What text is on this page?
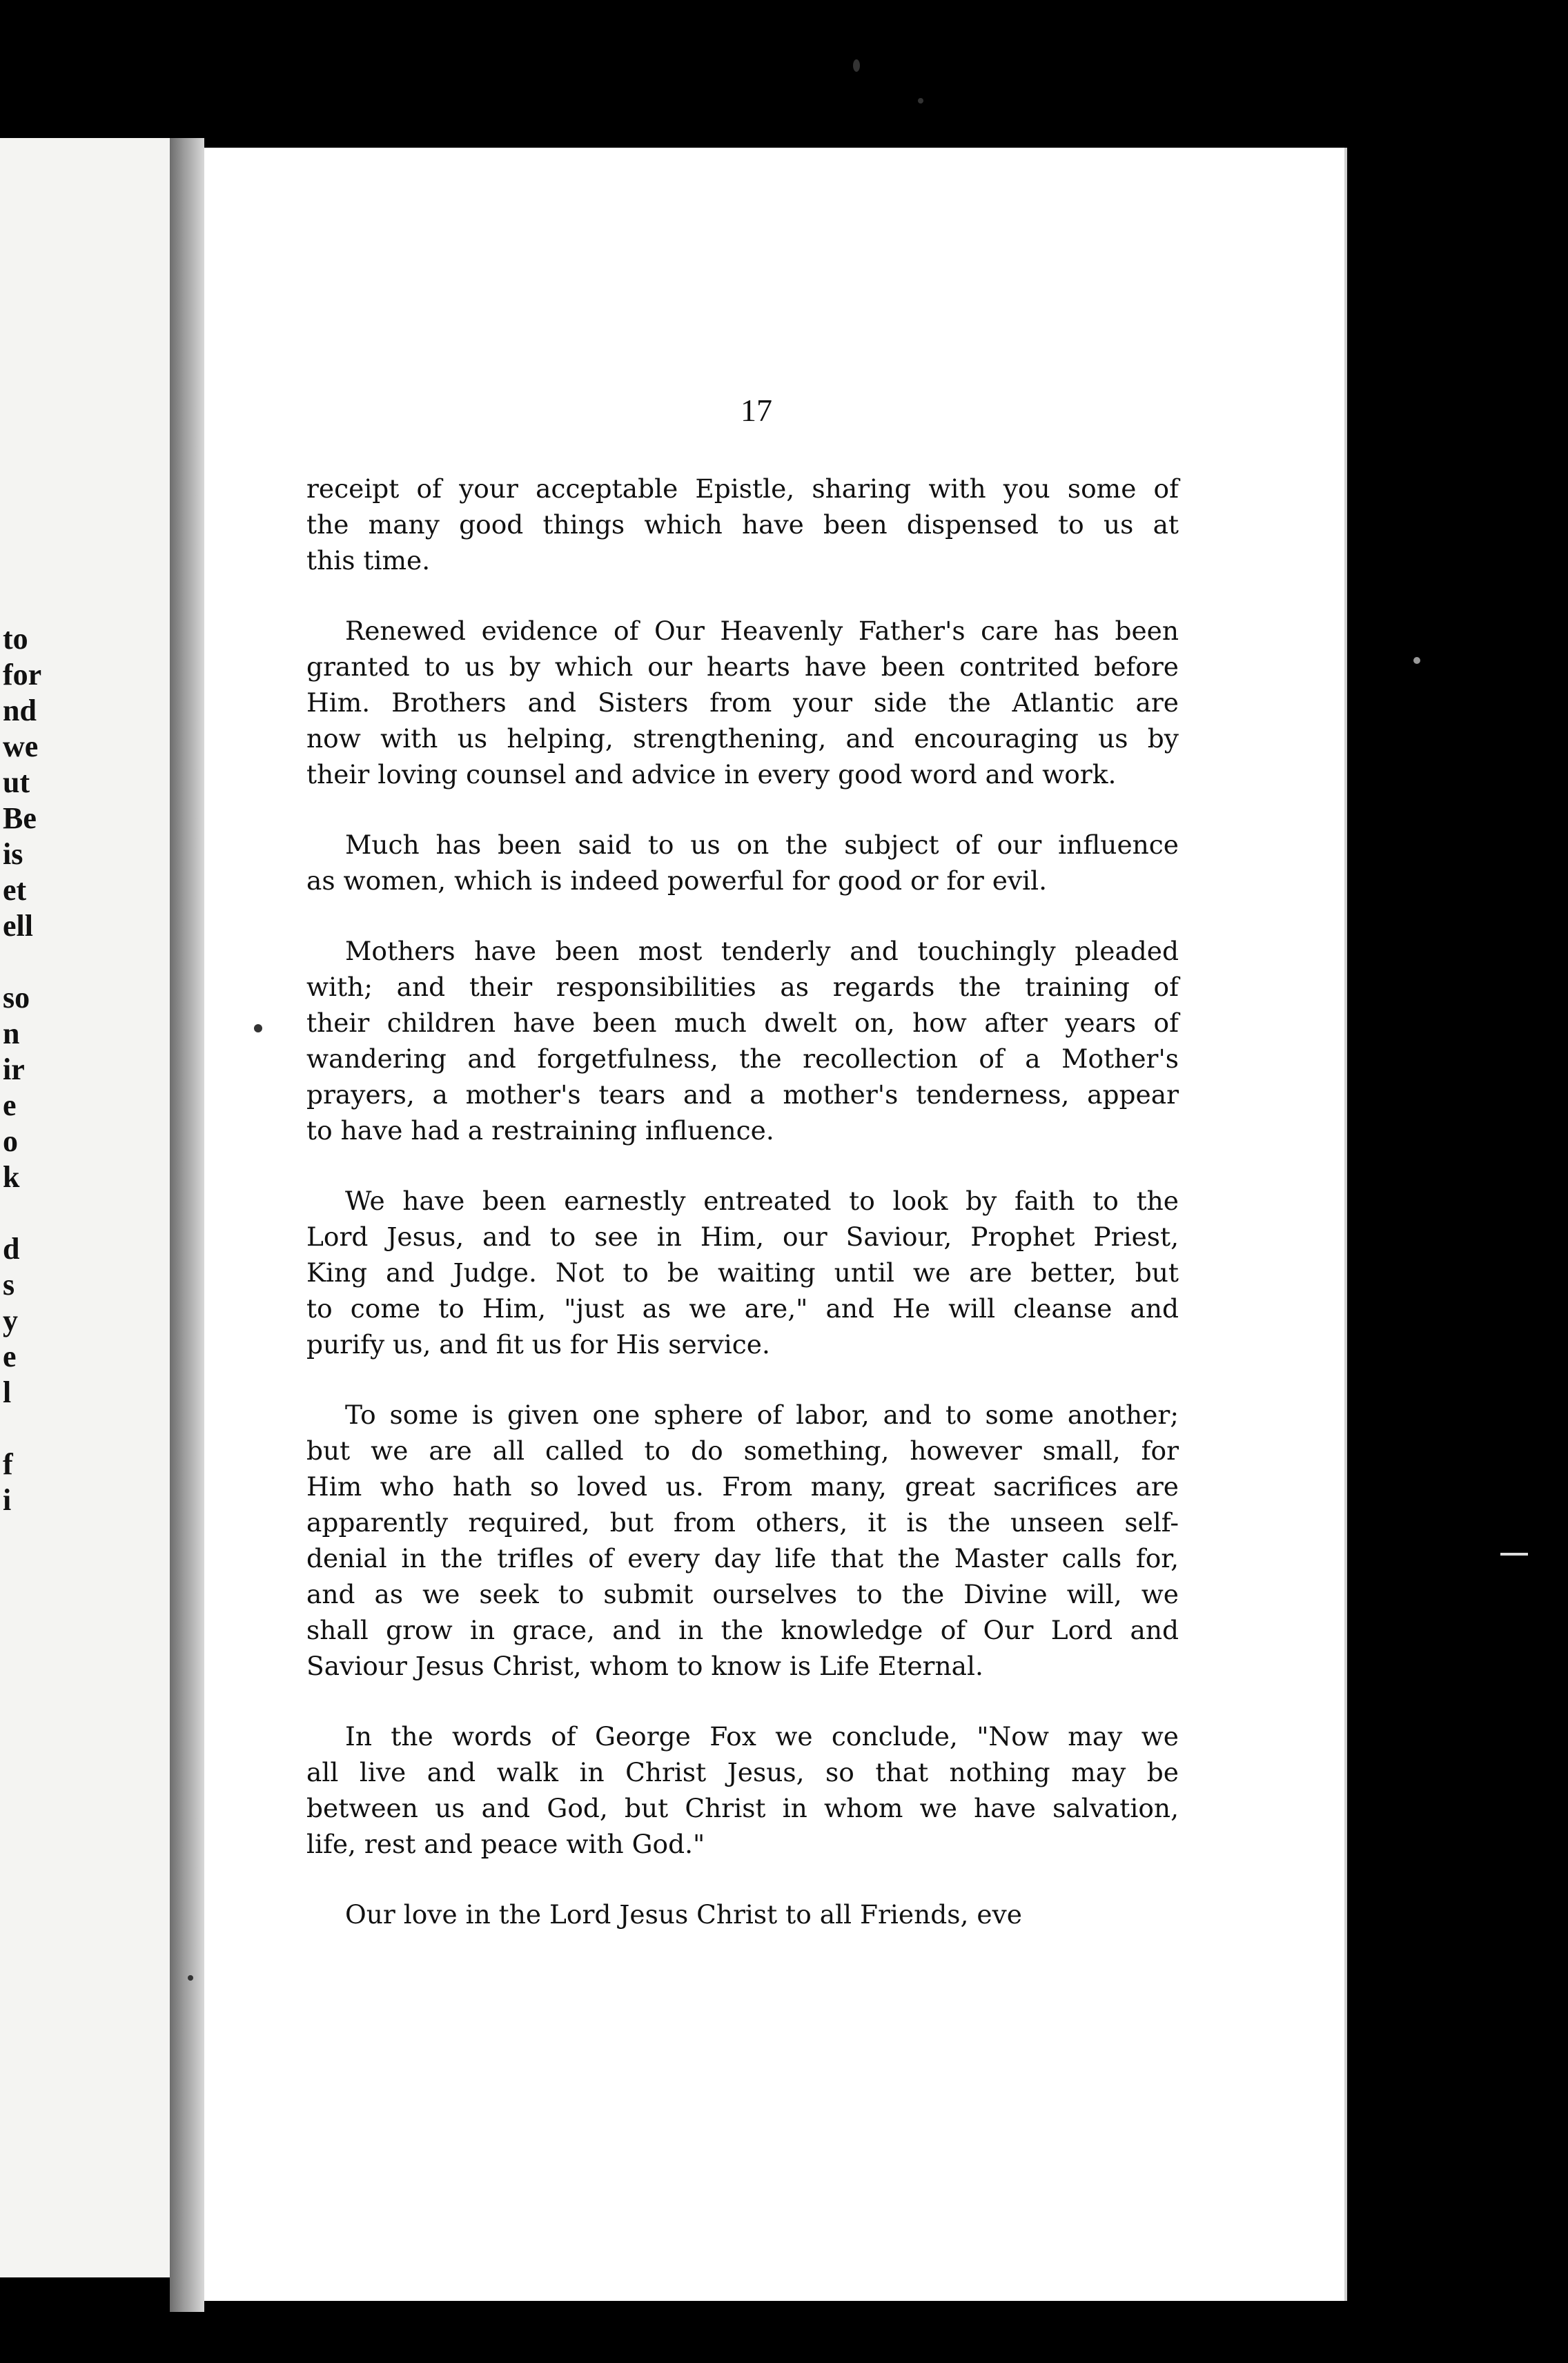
to
for
nd
we
ut
Be
is
et
ell
so
n
ir
e
o
k
d
s
y
e
l
f
i
17
receipt of your acceptable Epistle, sharing with you some of
the many good things which have been dispensed to us at
this time.
Renewed evidence of Our Heavenly Father's care has been
granted to us by which our hearts have been contrited before
Him. Brothers and Sisters from your side the Atlantic are
now with us helping, strengthening, and encouraging us by
their loving counsel and advice in every good word and work.
Much has been said to us on the subject of our influence
as women, which is indeed powerful for good or for evil.
Mothers have been most tenderly and touchingly pleaded
with; and their responsibilities as regards the training of
their children have been much dwelt on, how after years of
wandering and forgetfulness, the recollection of a Mother's
prayers, a mother's tears and a mother's tenderness, appear
to have had a restraining influence.
We have been earnestly entreated to look by faith to the
Lord Jesus, and to see in Him, our Saviour, Prophet Priest,
King and Judge. Not to be waiting until we are better, but
to come to Him, "just as we are," and He will cleanse and
purify us, and fit us for His service.
To some is given one sphere of labor, and to some another;
but we are all called to do something, however small, for
Him who hath so loved us. From many, great sacrifices are
apparently required, but from others, it is the unseen self-
denial in the trifles of every day life that the Master calls for,
and as we seek to submit ourselves to the Divine will, we
shall grow in grace, and in the knowledge of Our Lord and
Saviour Jesus Christ, whom to know is Life Eternal.
In the words of George Fox we conclude, "Now may we
all live and walk in Christ Jesus, so that nothing may be
between us and God, but Christ in whom we have salvation,
life, rest and peace with God."
Our love in the Lord Jesus Christ to all Friends, eve
